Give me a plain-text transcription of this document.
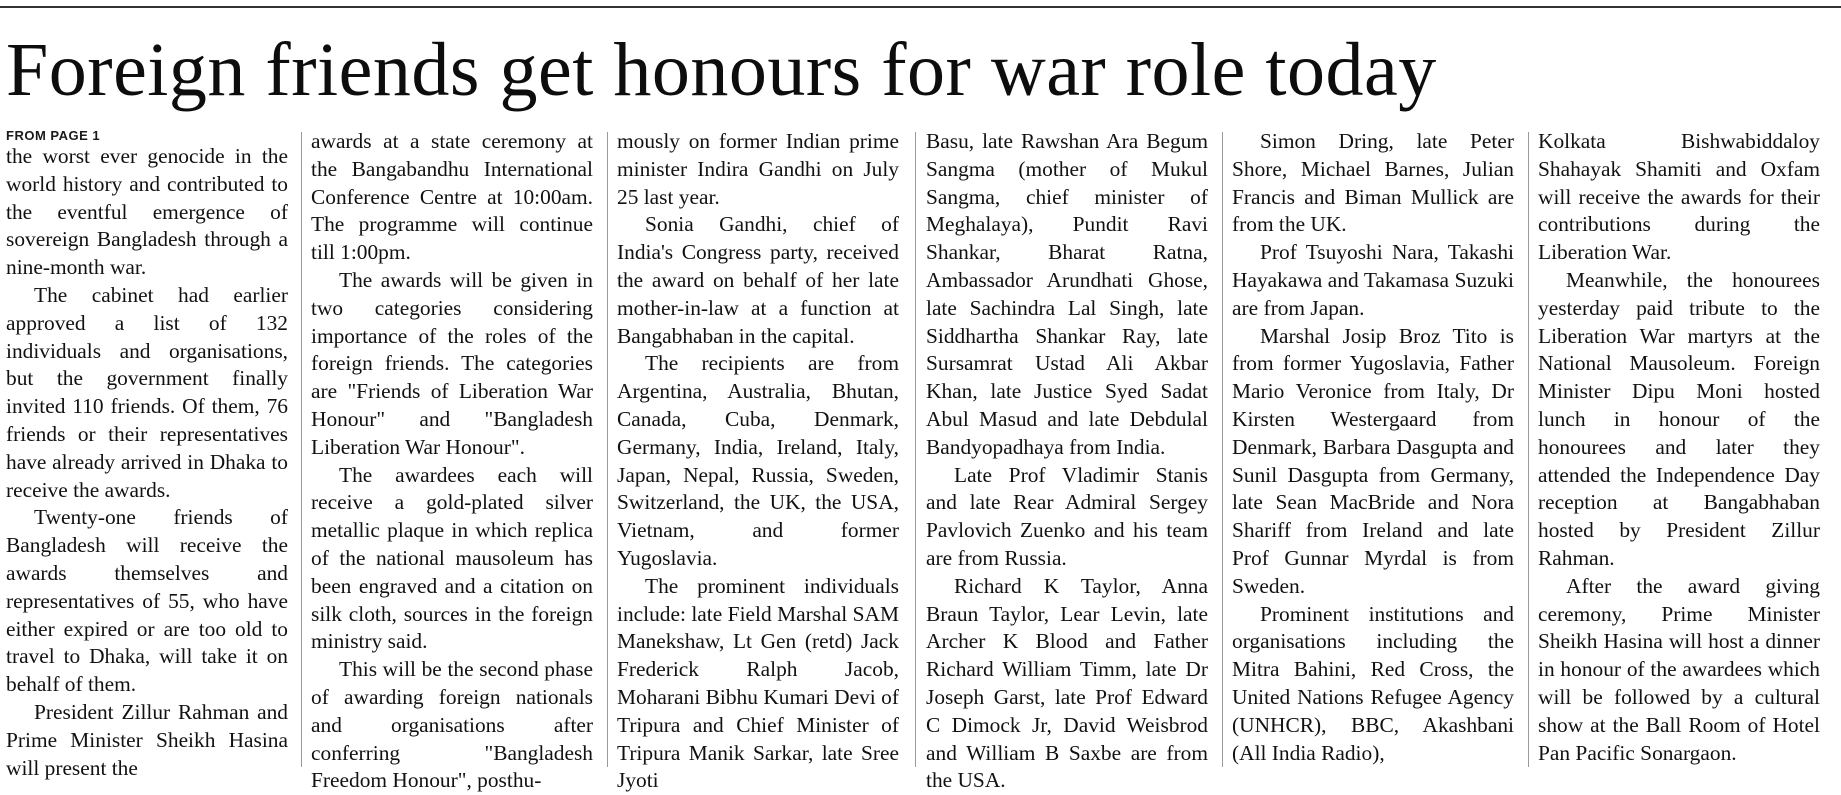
Foreign friends get honours for war role today
FROM PAGE 1

the worst ever genocide in the world history and contributed to the eventful emergence of sovereign Bangladesh through a nine-month war.

The cabinet had earlier approved a list of 132 individuals and organisations, but the government finally invited 110 friends. Of them, 76 friends or their representatives have already arrived in Dhaka to receive the awards.

Twenty-one friends of Bangladesh will receive the awards themselves and representatives of 55, who have either expired or are too old to travel to Dhaka, will take it on behalf of them.

President Zillur Rahman and Prime Minister Sheikh Hasina will present the

awards at a state ceremony at the Bangabandhu International Conference Centre at 10:00am. The programme will continue till 1:00pm.

The awards will be given in two categories considering importance of the roles of the foreign friends. The categories are "Friends of Liberation War Honour" and "Bangladesh Liberation War Honour".

The awardees each will receive a gold-plated silver metallic plaque in which replica of the national mausoleum has been engraved and a citation on silk cloth, sources in the foreign ministry said.

This will be the second phase of awarding foreign nationals and organisations after conferring "Bangladesh Freedom Honour", posthu-

mously on former Indian prime minister Indira Gandhi on July 25 last year.

Sonia Gandhi, chief of India's Congress party, received the award on behalf of her late mother-in-law at a function at Bangabhaban in the capital.

The recipients are from Argentina, Australia, Bhutan, Canada, Cuba, Denmark, Germany, India, Ireland, Italy, Japan, Nepal, Russia, Sweden, Switzerland, the UK, the USA, Vietnam, and former Yugoslavia.

The prominent individuals include: late Field Marshal SAM Manekshaw, Lt Gen (retd) Jack Frederick Ralph Jacob, Moharani Bibhu Kumari Devi of Tripura and Chief Minister of Tripura Manik Sarkar, late Sree Jyoti

Basu, late Rawshan Ara Begum Sangma (mother of Mukul Sangma, chief minister of Meghalaya), Pundit Ravi Shankar, Bharat Ratna, Ambassador Arundhati Ghose, late Sachindra Lal Singh, late Siddhartha Shankar Ray, late Sursamrat Ustad Ali Akbar Khan, late Justice Syed Sadat Abul Masud and late Debdulal Bandyopadhaya from India.

Late Prof Vladimir Stanis and late Rear Admiral Sergey Pavlovich Zuenko and his team are from Russia.

Richard K Taylor, Anna Braun Taylor, Lear Levin, late Archer K Blood and Father Richard William Timm, late Dr Joseph Garst, late Prof Edward C Dimock Jr, David Weisbrod and William B Saxbe are from the USA.

Simon Dring, late Peter Shore, Michael Barnes, Julian Francis and Biman Mullick are from the UK.

Prof Tsuyoshi Nara, Takashi Hayakawa and Takamasa Suzuki are from Japan.

Marshal Josip Broz Tito is from former Yugoslavia, Father Mario Veronice from Italy, Dr Kirsten Westergaard from Denmark, Barbara Dasgupta and Sunil Dasgupta from Germany, late Sean MacBride and Nora Shariff from Ireland and late Prof Gunnar Myrdal is from Sweden.

Prominent institutions and organisations including the Mitra Bahini, Red Cross, the United Nations Refugee Agency (UNHCR), BBC, Akashbani (All India Radio),

Kolkata Bishwabiddaloy Shahayak Shamiti and Oxfam will receive the awards for their contributions during the Liberation War.

Meanwhile, the honourees yesterday paid tribute to the Liberation War martyrs at the National Mausoleum. Foreign Minister Dipu Moni hosted lunch in honour of the honourees and later they attended the Independence Day reception at Bangabhaban hosted by President Zillur Rahman.

After the award giving ceremony, Prime Minister Sheikh Hasina will host a dinner in honour of the awardees which will be followed by a cultural show at the Ball Room of Hotel Pan Pacific Sonargaon.
